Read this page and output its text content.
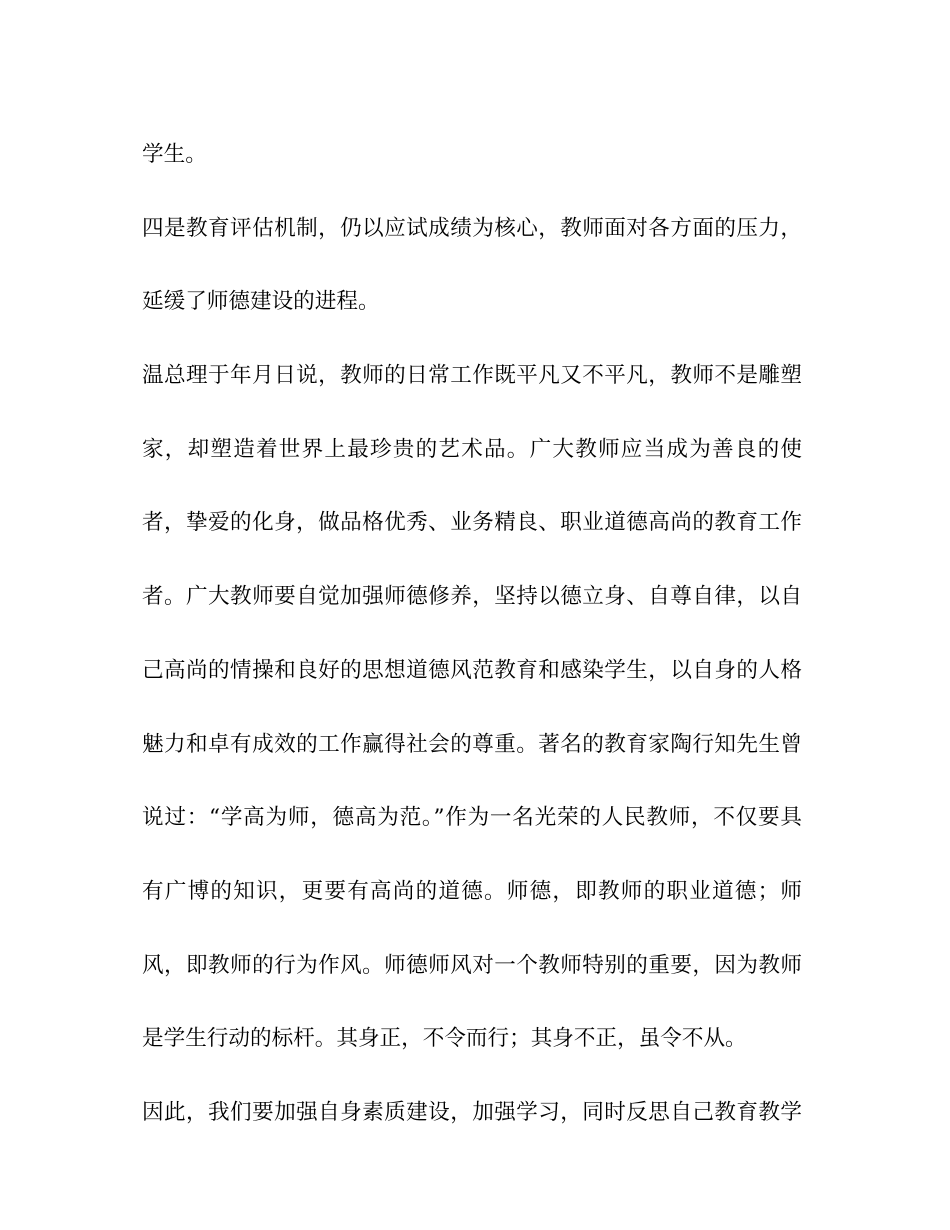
学生。
四是教育评估机制，仍以应试成绩为核心，教师面对各方面的压力，
延缓了师德建设的进程。
温总理于年月日说，教师的日常工作既平凡又不平凡，教师不是雕塑
家，却塑造着世界上最珍贵的艺术品。广大教师应当成为善良的使
者，挚爱的化身，做品格优秀、业务精良、职业道德高尚的教育工作
者。广大教师要自觉加强师德修养，坚持以德立身、自尊自律，以自
己高尚的情操和良好的思想道德风范教育和感染学生，以自身的人格
魅力和卓有成效的工作赢得社会的尊重。著名的教育家陶行知先生曾
说过：“学高为师，德高为范。”作为一名光荣的人民教师，不仅要具
有广博的知识，更要有高尚的道德。师德，即教师的职业道德；师
风，即教师的行为作风。师德师风对一个教师特别的重要，因为教师
是学生行动的标杆。其身正，不令而行；其身不正，虽令不从。
因此，我们要加强自身素质建设，加强学习，同时反思自己教育教学
